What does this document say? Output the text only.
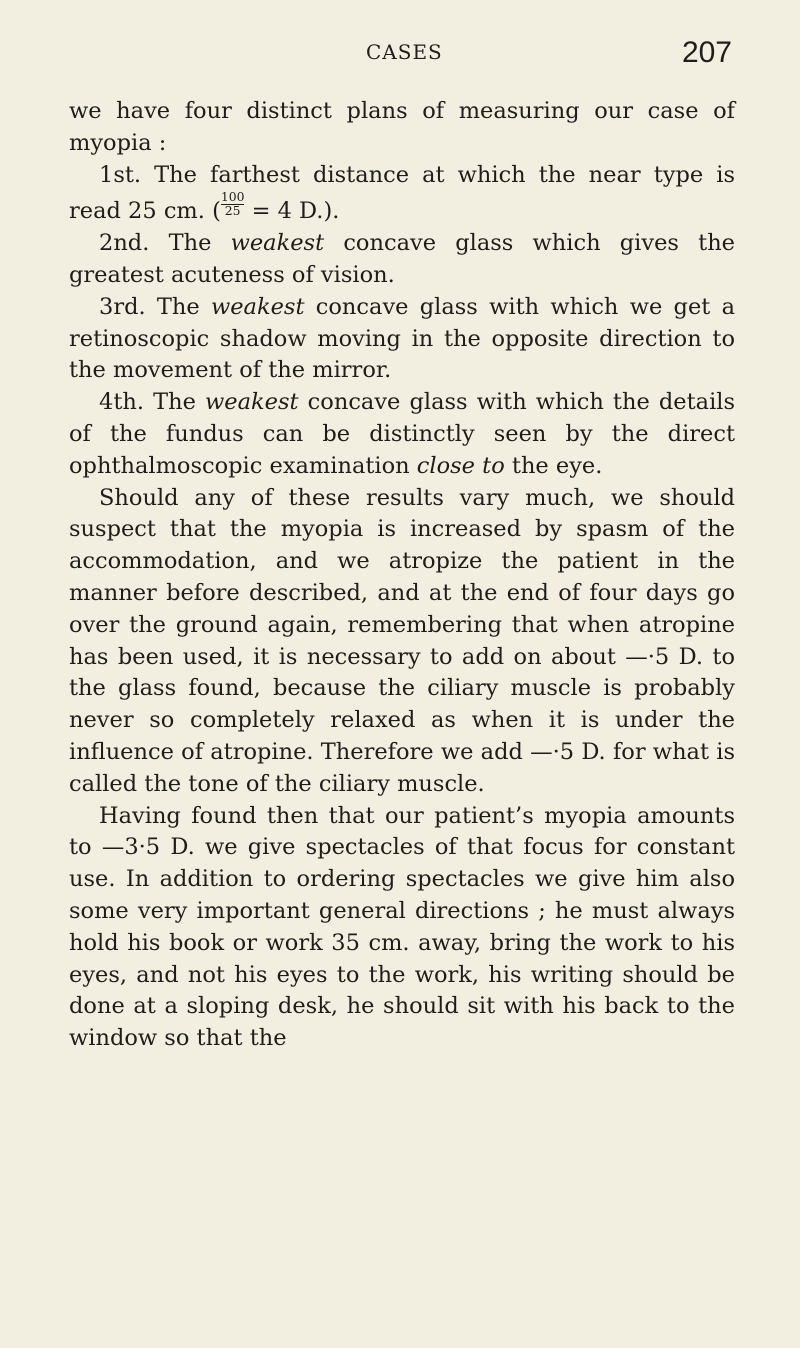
CASES	207

we have four distinct plans of measuring our case of myopia :

1st. The farthest distance at which the near type is read 25 cm. ( $\frac{100}{25} = 4$ D.).

2nd. The weakest concave glass which gives the greatest acuteness of vision.

3rd. The weakest concave glass with which we get a retinoscopic shadow moving in the opposite direction to the movement of the mirror.

4th. The weakest concave glass with which the details of the fundus can be distinctly seen by the direct ophthalmoscopic examination close to the eye.

Should any of these results vary much, we should suspect that the myopia is increased by spasm of the accommodation, and we atropize the patient in the manner before described, and at the end of four days go over the ground again, remembering that when atropine has been used, it is necessary to add on about —·5 D. to the glass found, because the ciliary muscle is probably never so completely relaxed as when it is under the influence of atropine. Therefore we add —·5 D. for what is called the tone of the ciliary muscle.

Having found then that our patient’s myopia amounts to —3·5 D. we give spectacles of that focus for constant use. In addition to ordering spectacles we give him also some very important general directions ; he must always hold his book or work 35 cm. away, bring the work to his eyes, and not his eyes to the work, his writing should be done at a sloping desk, he should sit with his back to the window so that the
